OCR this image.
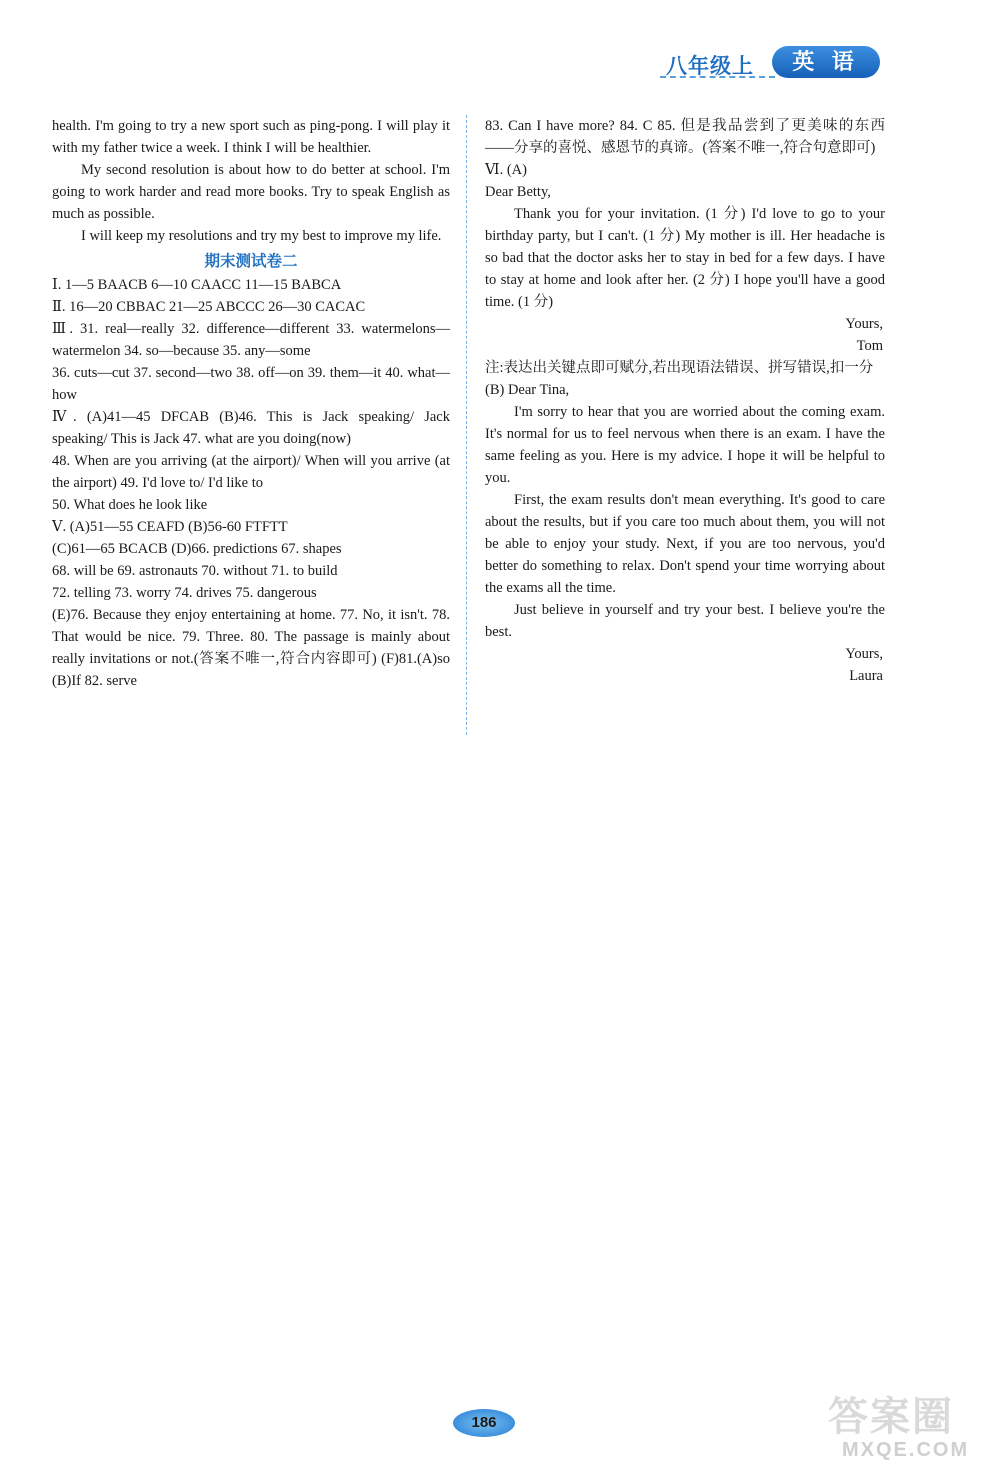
八年级上	英 语

health. I'm going to try a new sport such as ping-pong. I will play it with my father twice a week. I think I will be healthier.

My second resolution is about how to do better at school. I'm going to work harder and read more books. Try to speak English as much as possible.

I will keep my resolutions and try my best to improve my life.

期末测试卷二

Ⅰ. 1—5 BAACB 6—10 CAACC 11—15 BABCA

Ⅱ. 16—20 CBBAC 21—25 ABCCC 26—30 CACAC

Ⅲ. 31. real—really 32. difference—different 33. watermelons—watermelon 34. so—because 35. any—some

36. cuts—cut 37. second—two 38. off—on 39. them—it 40. what—how

Ⅳ. (A)41—45 DFCAB (B)46. This is Jack speaking/ Jack speaking/ This is Jack 47. what are you doing(now)

48. When are you arriving (at the airport)/ When will you arrive (at the airport) 49. I'd love to/ I'd like to

50. What does he look like

Ⅴ. (A)51—55 CEAFD (B)56-60 FTFTT

(C)61—65 BCACB (D)66. predictions 67. shapes

68. will be 69. astronauts 70. without 71. to build

72. telling 73. worry 74. drives 75. dangerous

(E)76. Because they enjoy entertaining at home. 77. No, it isn't. 78. That would be nice. 79. Three. 80. The passage is mainly about really invitations or not.(答案不唯一,符合内容即可) (F)81.(A)so (B)If 82. serve

83. Can I have more? 84. C 85. 但是我品尝到了更美味的东西——分享的喜悦、感恩节的真谛。(答案不唯一,符合句意即可)

Ⅵ. (A)

Dear Betty,

Thank you for your invitation. (1 分) I'd love to go to your birthday party, but I can't. (1 分) My mother is ill. Her headache is so bad that the doctor asks her to stay in bed for a few days. I have to stay at home and look after her. (2 分) I hope you'll have a good time. (1 分)

Yours,

Tom

注:表达出关键点即可赋分,若出现语法错误、拼写错误,扣一分

(B) Dear Tina,

I'm sorry to hear that you are worried about the coming exam. It's normal for us to feel nervous when there is an exam. I have the same feeling as you. Here is my advice. I hope it will be helpful to you.

First, the exam results don't mean everything. It's good to care about the results, but if you care too much about them, you will not be able to enjoy your study. Next, if you are too nervous, you'd better do something to relax. Don't spend your time worrying about the exams all the time.

Just believe in yourself and try your best. I believe you're the best.

Yours,

Laura

186	答案圈
MXQE.COM
